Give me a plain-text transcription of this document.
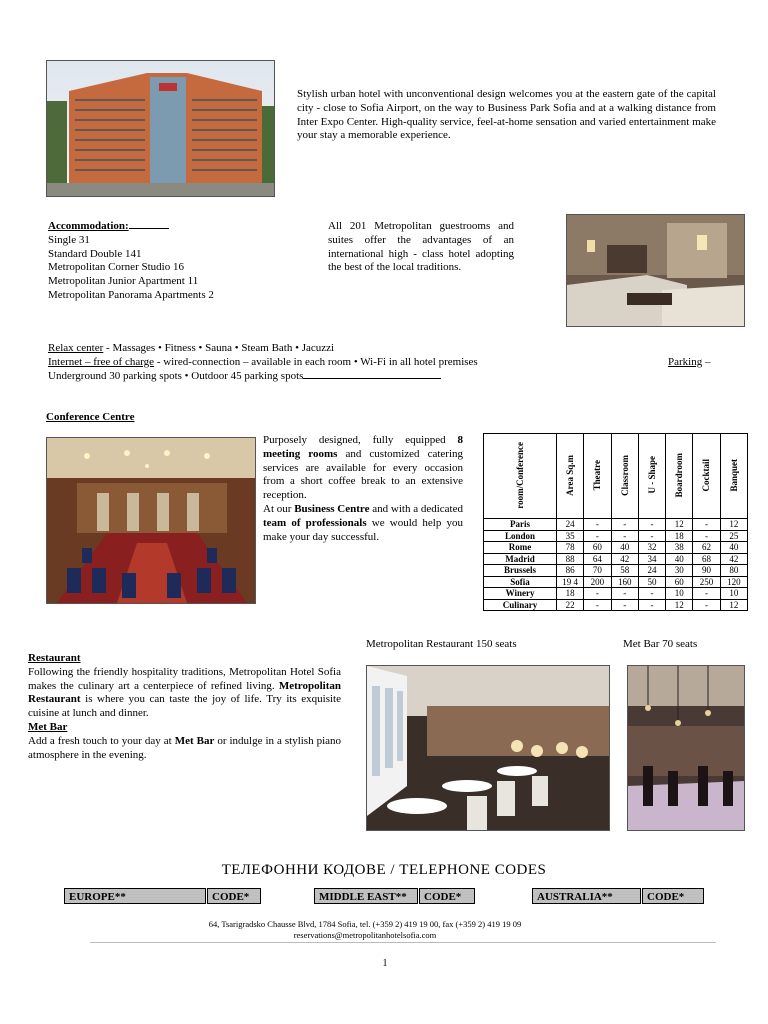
Stylish urban hotel with unconventional design welcomes you at the eastern gate of the capital city - close to Sofia Airport, on the way to Business Park Sofia and at a walking distance from Inter Expo Center. High-quality service, feel-at-home sensation and varied entertainment make your stay a memorable experience.
Accommodation:
Single 31
Standard Double 141
Metropolitan Corner Studio 16
Metropolitan Junior Apartment 11
Metropolitan Panorama Apartments 2
All 201 Metropolitan guestrooms and suites offer the advantages of an international high - class hotel adopting the best of the local traditions.
Relax center - Massages • Fitness • Sauna • Steam Bath • Jacuzzi
Internet – free of charge - wired-connection – available in each room • Wi-Fi in all hotel premises	Parking –
Underground 30 parking spots • Outdoor 45 parking spots
Conference Centre
Purposely designed, fully equipped 8 meeting rooms and customized catering services are available for every occasion from a short coffee break to an extensive reception.
At our Business Centre and with a dedicated team of professionals we would help you make your day successful.
room/Conference	Area Sq.m	Theatre	Classroom	U - Shape	Boardroom	Cocktail	Banquet
Paris	24	-	-	-	12	-	12
London	35	-	-	-	18	-	25
Rome	78	60	40	32	38	62	40
Madrid	88	64	42	34	40	68	42
Brussels	86	70	58	24	30	90	80
Sofia	19 4	200	160	50	60	250	120
Winery	18	-	-	-	10	-	10
Culinary	22	-	-	-	12	-	12
Metropolitan Restaurant 150 seats	Met Bar 70 seats
Restaurant
Following the friendly hospitality traditions, Metropolitan Hotel Sofia makes the culinary art a centerpiece of refined living. Metropolitan Restaurant is where you can taste the joy of life. Try its exquisite cuisine at lunch and dinner.
Met Bar
Add a fresh touch to your day at Met Bar or indulge in a stylish piano atmosphere in the evening.
ТЕЛЕФОННИ КОДОВЕ / TELEPHONE CODES
EUROPE**	CODE*	MIDDLE EAST**	CODE*	AUSTRALIA**	CODE*
64, Tsarigradsko Chausse Blvd, 1784 Sofia, tel. (+359 2) 419 19 00, fax (+359 2) 419 19 09
reservations@metropolitanhotelsofia.com
1
